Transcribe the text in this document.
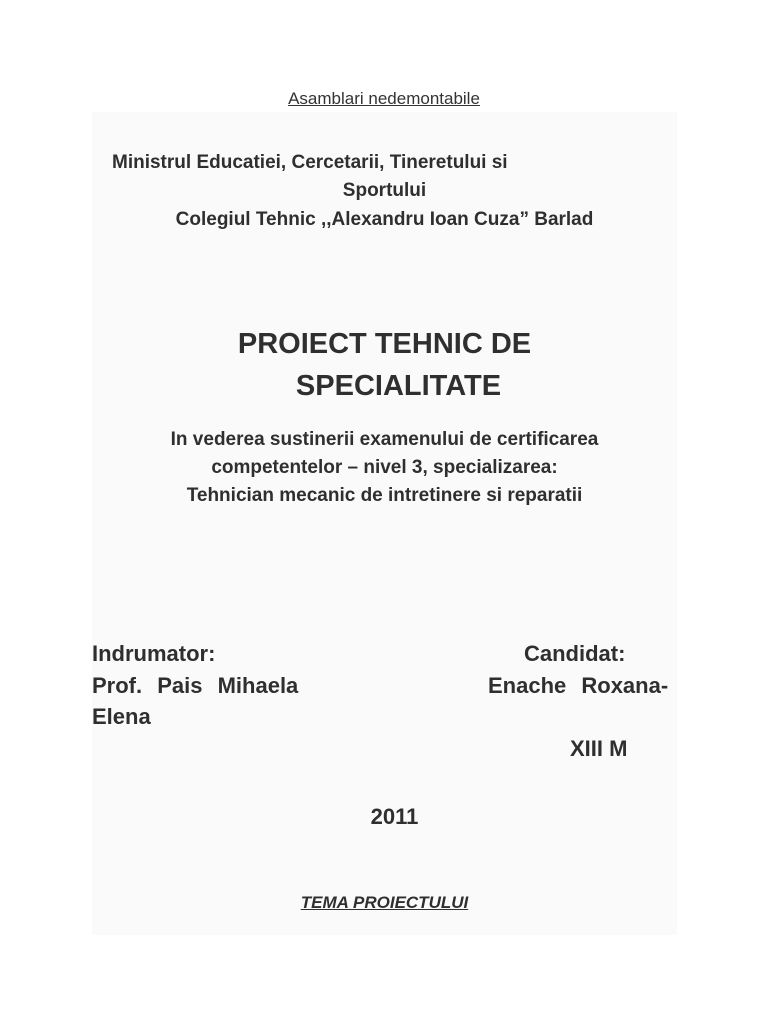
Asamblari nedemontabile
Ministrul Educatiei, Cercetarii, Tineretului si
Sportului
Colegiul Tehnic ,,Alexandru Ioan Cuza” Barlad
PROIECT TEHNIC DE
SPECIALITATE
In vederea sustinerii examenului de certificarea
competentelor – nivel 3, specializarea:
Tehnician mecanic de intretinere si reparatii
Indrumator:	Candidat:
Prof. Pais Mihaela	Enache Roxana-
Elena
XIII M
2011
TEMA PROIECTULUI
